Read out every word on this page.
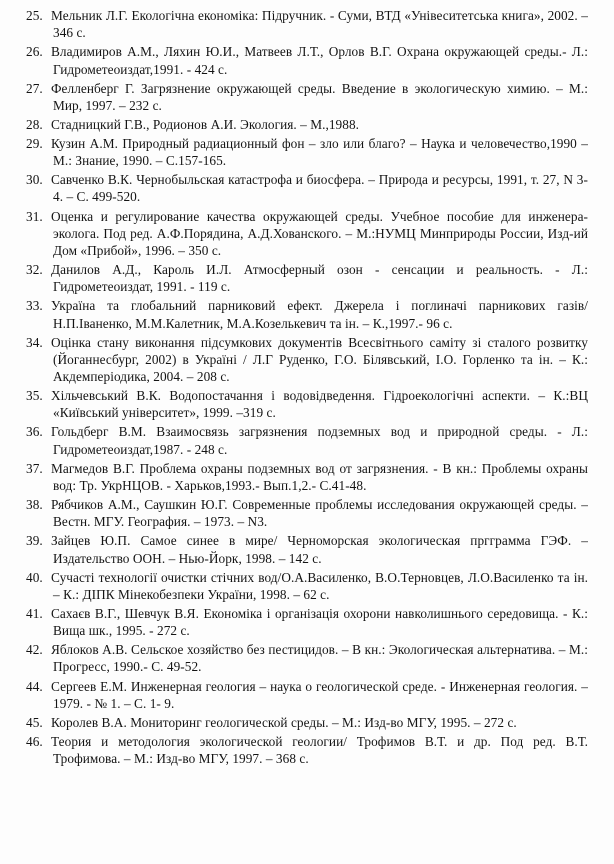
25. Мельник Л.Г. Екологічна економіка: Підручник. - Суми, ВТД «Унівеситетська книга», 2002. – 346 с.
26. Владимиров А.М., Ляхин Ю.И., Матвеев Л.Т., Орлов В.Г. Охрана окружающей среды.- Л.: Гидрометеоиздат,1991. - 424 с.
27. Фелленберг Г. Загрязнение окружающей среды. Введение в экологическую химию. – М.: Мир, 1997. – 232 с.
28. Стадницкий Г.В., Родионов А.И. Экология. – М.,1988.
29. Кузин А.М. Природный радиационный фон – зло или благо? – Наука и человечество,1990 – М.: Знание, 1990. – С.157-165.
30. Савченко В.К. Чернобыльская катастрофа и биосфера. – Природа и ресурсы, 1991, т. 27, N 3-4. – С. 499-520.
31. Оценка и регулирование качества окружающей среды. Учебное пособие для инженера-эколога. Под ред. А.Ф.Порядина, А.Д.Хованского. – М.:НУМЦ Минприроды России, Изд-ий Дом «Прибой», 1996. – 350 с.
32. Данилов А.Д., Кароль И.Л. Атмосферный озон - сенсации и реальность. - Л.: Гидрометеоиздат, 1991. - 119 с.
33. Україна та глобальний парниковий ефект. Джерела і поглиначі парникових газів/ Н.П.Іваненко, М.М.Калетник, М.А.Козелькевич та ін. – К.,1997.- 96 с.
34. Оцінка стану виконання підсумкових документів Всесвітнього саміту зі сталого розвитку (Йоганнесбург, 2002) в Україні / Л.Г Руденко, Г.О. Білявський, І.О. Горленко та ін. – К.: Акдемперіодика, 2004. – 208 с.
35. Хільчевський В.К. Водопостачання і водовідведення. Гідроекологічні аспекти. – К.:ВЦ «Київський університет», 1999. –319 с.
36. Гольдберг В.М. Взаимосвязь загрязнения подземных вод и природной среды. - Л.: Гидрометеоиздат,1987. - 248 с.
37. Магмедов В.Г. Проблема охраны подземных вод от загрязнения. - В кн.: Проблемы охраны вод: Тр. УкрНЦОВ. - Харьков,1993.- Вып.1,2.- С.41-48.
38. Рябчиков А.М., Саушкин Ю.Г. Современные проблемы исследования окружающей среды. – Вестн. МГУ. География. – 1973. – N3.
39. Зайцев Ю.П. Самое синее в мире/ Черноморская экологическая пргграмма ГЭФ. – Издательство ООН. – Нью-Йорк, 1998. – 142 с.
40. Сучасті технології очистки стічних вод/О.А.Василенко, В.О.Терновцев, Л.О.Василенко та ін. – К.: ДІПК Мінекобезпеки України, 1998. – 62 с.
41. Сахаєв В.Г., Шевчук В.Я. Економіка і організація охорони навколишнього середовища. - К.: Вища шк., 1995. - 272 с.
42. Яблоков А.В. Сельское хозяйство без пестицидов. – В кн.: Экологическая альтернатива. – М.: Прогресс, 1990.- С. 49-52.
44. Сергеев Е.М. Инженерная геология – наука о геологической среде. - Инженерная геология. – 1979. - № 1. – С. 1- 9.
45. Королев В.А. Мониторинг геологической среды. – М.: Изд-во МГУ, 1995. – 272 с.
46. Теория и методология экологической геологии/ Трофимов В.Т. и др. Под ред. В.Т. Трофимова. – М.: Изд-во МГУ, 1997. – 368 с.
